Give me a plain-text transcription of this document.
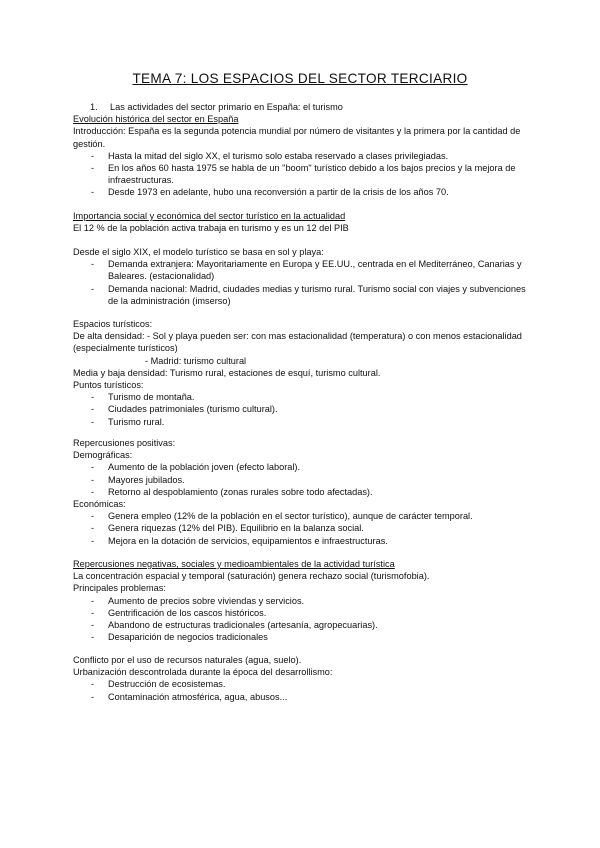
TEMA 7: LOS ESPACIOS DEL SECTOR TERCIARIO
1. Las actividades del sector primario en España: el turismo
Evolución histórica del sector en España
Introducción: España es la segunda potencia mundial por número de visitantes y la primera por la cantidad de gestión.
- Hasta la mitad del siglo XX, el turismo solo estaba reservado a clases privilegiadas.
- En los años 60 hasta 1975 se habla de un "boom" turístico debido a los bajos precios y la mejora de infraestructuras.
- Desde 1973 en adelante, hubo una reconversión a partir de la crisis de los años 70.
Importancia social y económica del sector turístico en la actualidad
El 12 % de la población activa trabaja en turismo y es un 12 del PIB
Desde el siglo XIX, el modelo turístico se basa en sol y playa:
- Demanda extranjera: Mayoritariamente en Europa y EE.UU., centrada en el Mediterráneo, Canarias y Baleares. (estacionalidad)
- Demanda nacional: Madrid, ciudades medias y turismo rural. Turismo social con viajes y subvenciones de la administración (imserso)
Espacios turísticos:
De alta densidad: - Sol y playa pueden ser: con mas estacionalidad (temperatura) o con menos estacionalidad (especialmente turísticos)
- Madrid: turismo cultural
Media y baja densidad: Turismo rural, estaciones de esquí, turismo cultural.
Puntos turísticos:
- Turismo de montaña.
- Ciudades patrimoniales (turismo cultural).
- Turismo rural.
Repercusiones positivas:
Demográficas:
- Aumento de la población joven (efecto laboral).
- Mayores jubilados.
- Retorno al despoblamiento (zonas rurales sobre todo afectadas).
Económicas:
- Genera empleo (12% de la población en el sector turístico), aunque de carácter temporal.
- Genera riquezas (12% del PIB). Equilibrio en la balanza social.
- Mejora en la dotación de servicios, equipamientos e infraestructuras.
Repercusiones negativas, sociales y medioambientales de la actividad turística
La concentración espacial y temporal (saturación) genera rechazo social (turismofobia).
Principales problemas:
- Aumento de precios sobre viviendas y servicios.
- Gentrificación de los cascos históricos.
- Abandono de estructuras tradicionales (artesanía, agropecuarias).
- Desaparición de negocios tradicionales
Conflicto por el uso de recursos naturales (agua, suelo).
Urbanización descontrolada durante la época del desarrollismo:
- Destrucción de ecosistemas.
- Contaminación atmosférica, agua, abusos...
